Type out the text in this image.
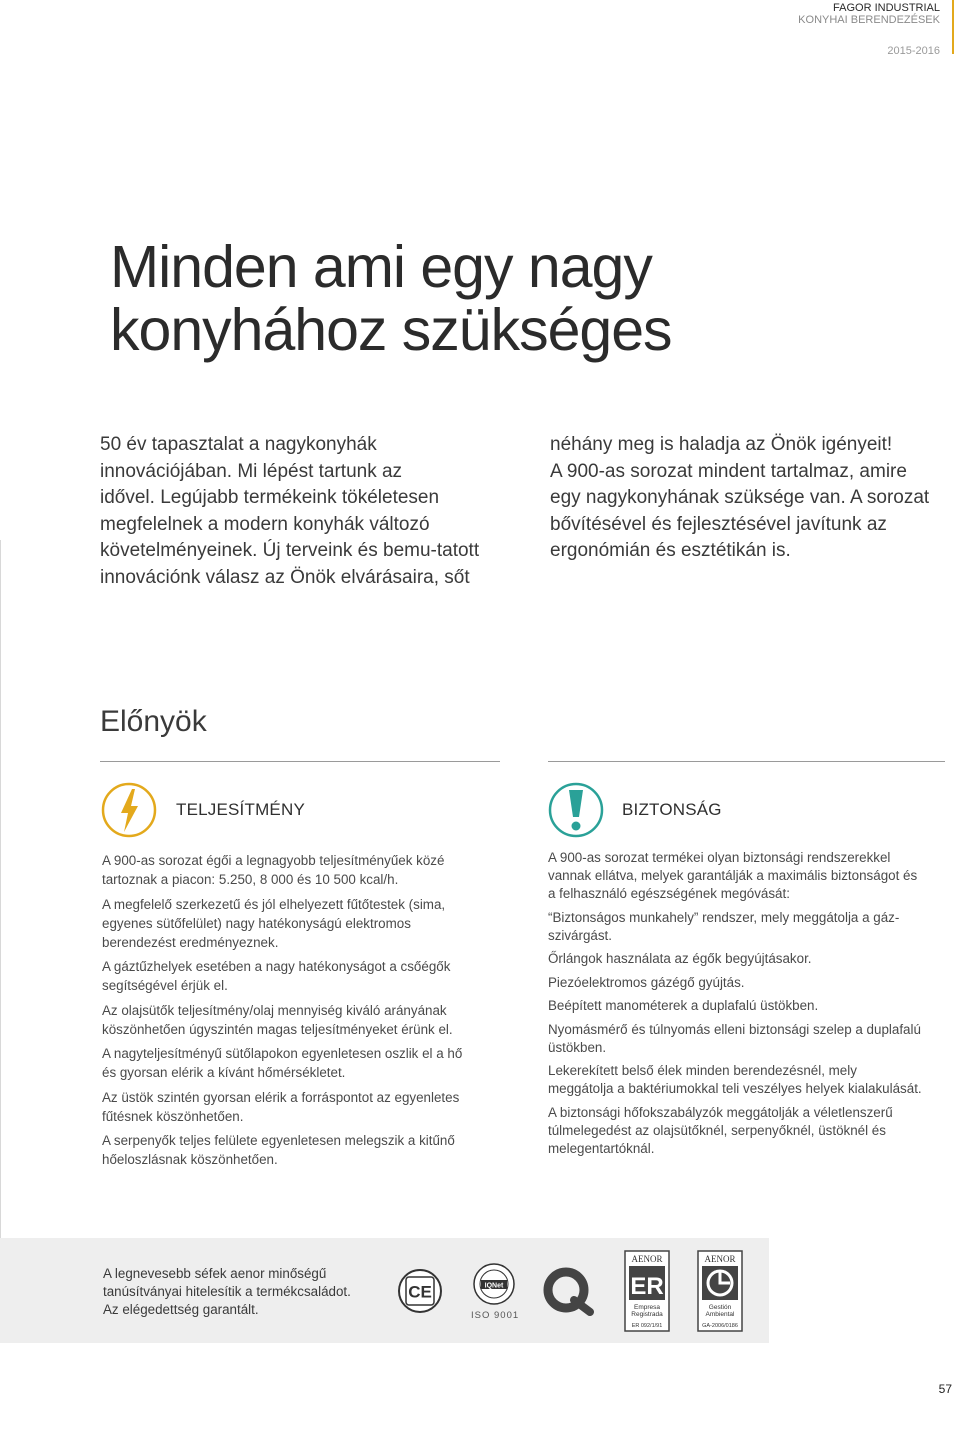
FAGOR INDUSTRIAL
KONYHAI BERENDEZÉSEK
2015-2016
Minden ami egy nagy
konyhához szükséges

50 év tapasztalat a nagykonyhák
innovációjában. Mi lépést tartunk az
idővel. Legújabb termékeink tökéletesen
megfelelnek a modern konyhák változó
követelményeinek. Új terveink és bemu-tatott
innovációnk válasz az Önök elvárásaira, sőt

néhány meg is haladja az Önök igényeit!
A 900-as sorozat mindent tartalmaz, amire
egy nagykonyhának szüksége van. A sorozat
bővítésével és fejlesztésével javítunk az
ergonómián és esztétikán is.

Előnyök
TELJESÍTMÉNY

A 900-as sorozat égői a legnagyobb teljesítményűek közé
tartoznak a piacon: 5.250, 8 000 és 10 500 kcal/h.

A megfelelő szerkezetű és jól elhelyezett fűtőtestek (sima,
egyenes sütőfelület) nagy hatékonyságú elektromos
berendezést eredményeznek.

A gáztűzhelyek esetében a nagy hatékonyságot a csőégők
segítségével érjük el.

Az olajsütők teljesítmény/olaj mennyiség kiváló arányának
köszönhetően úgyszintén magas teljesítményeket érünk el.

A nagyteljesítményű sütőlapokon egyenletesen oszlik el a hő
és gyorsan elérik a kívánt hőmérsékletet.

Az üstök szintén gyorsan elérik a forráspontot az egyenletes
fűtésnek köszönhetően.

A serpenyők teljes felülete egyenletesen melegszik a kitűnő
hőeloszlásnak köszönhetően.

BIZTONSÁG

A 900-as sorozat termékei olyan biztonsági rendszerekkel
vannak ellátva, melyek garantálják a maximális biztonságot és
a felhasználó egészségének megóvását:

“Biztonságos munkahely” rendszer, mely meggátolja a gáz-
szivárgást.

Őrlángok használata az égők begyújtásakor.

Piezóelektromos gázégő gyújtás.

Beépített manométerek a duplafalú üstökben.

Nyomásmérő és túlnyomás elleni biztonsági szelep a duplafalú
üstökben.

Lekerekített belső élek minden berendezésnél, mely
meggátolja a baktériumokkal teli veszélyes helyek kialakulását.

A biztonsági hőfokszabályzók meggátolják a véletlenszerű
túlmelegedést az olajsütőknél, serpenyőknél, üstöknél és
melegentartóknál.

A legnevesebb séfek aenor minőségű
tanúsítványai hitelesítik a termékcsaládot.
Az elégedettség garantált.
CE	IQNet
ISO 9001
AENOR
ER
Empresa
Registrada
ER 092/1/91
AENOR
Gestión
Ambiental
GA-2006/0186
57
